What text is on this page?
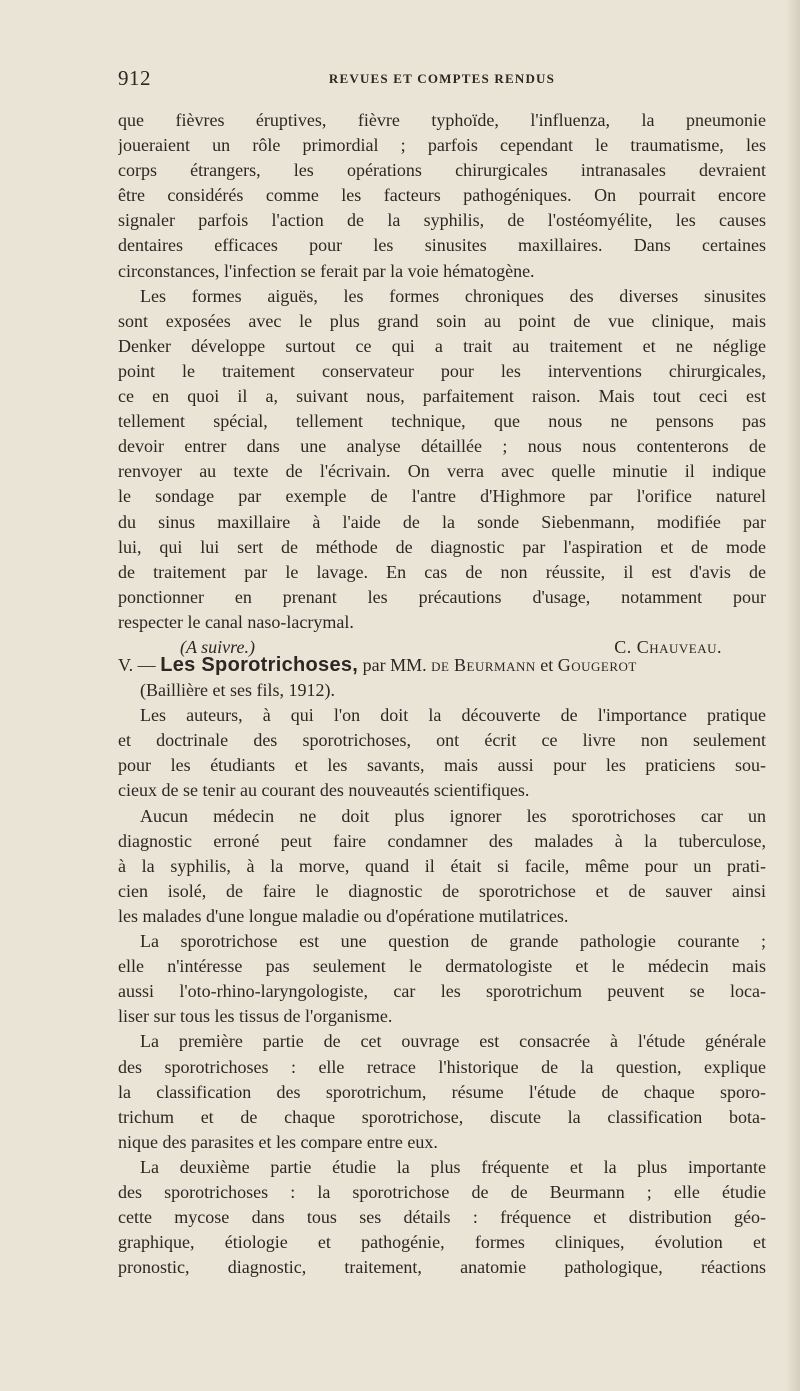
912	REVUES ET COMPTES RENDUS
que fièvres éruptives, fièvre typhoïde, l'influenza, la pneumonie
joueraient un rôle primordial ; parfois cependant le traumatisme, les
corps étrangers, les opérations chirurgicales intranasales devraient
être considérés comme les facteurs pathogéniques. On pourrait encore
signaler parfois l'action de la syphilis, de l'ostéomyélite, les causes
dentaires efficaces pour les sinusites maxillaires. Dans certaines
circonstances, l'infection se ferait par la voie hématogène.
Les formes aiguës, les formes chroniques des diverses sinusites
sont exposées avec le plus grand soin au point de vue clinique, mais
Denker développe surtout ce qui a trait au traitement et ne néglige
point le traitement conservateur pour les interventions chirurgicales,
ce en quoi il a, suivant nous, parfaitement raison. Mais tout ceci est
tellement spécial, tellement technique, que nous ne pensons pas
devoir entrer dans une analyse détaillée ; nous nous contenterons de
renvoyer au texte de l'écrivain. On verra avec quelle minutie il indique
le sondage par exemple de l'antre d'Highmore par l'orifice naturel
du sinus maxillaire à l'aide de la sonde Siebenmann, modifiée par
lui, qui lui sert de méthode de diagnostic par l'aspiration et de mode
de traitement par le lavage. En cas de non réussite, il est d'avis de
ponctionner en prenant les précautions d'usage, notamment pour
respecter le canal naso-lacrymal.
(A suivre.)	C. Chauveau.
V. — Les Sporotrichoses, par MM. de Beurmann et Gougerot
(Baillière et ses fils, 1912).
Les auteurs, à qui l'on doit la découverte de l'importance pratique
et doctrinale des sporotrichoses, ont écrit ce livre non seulement
pour les étudiants et les savants, mais aussi pour les praticiens sou-
cieux de se tenir au courant des nouveautés scientifiques.
Aucun médecin ne doit plus ignorer les sporotrichoses car un
diagnostic erroné peut faire condamner des malades à la tuberculose,
à la syphilis, à la morve, quand il était si facile, même pour un prati-
cien isolé, de faire le diagnostic de sporotrichose et de sauver ainsi
les malades d'une longue maladie ou d'opératione mutilatrices.
La sporotrichose est une question de grande pathologie courante ;
elle n'intéresse pas seulement le dermatologiste et le médecin mais
aussi l'oto-rhino-laryngologiste, car les sporotrichum peuvent se loca-
liser sur tous les tissus de l'organisme.
La première partie de cet ouvrage est consacrée à l'étude générale
des sporotrichoses : elle retrace l'historique de la question, explique
la classification des sporotrichum, résume l'étude de chaque sporo-
trichum et de chaque sporotrichose, discute la classification bota-
nique des parasites et les compare entre eux.
La deuxième partie étudie la plus fréquente et la plus importante
des sporotrichoses : la sporotrichose de de Beurmann ; elle étudie
cette mycose dans tous ses détails : fréquence et distribution géo-
graphique, étiologie et pathogénie, formes cliniques, évolution et
pronostic, diagnostic, traitement, anatomie pathologique, réactions
